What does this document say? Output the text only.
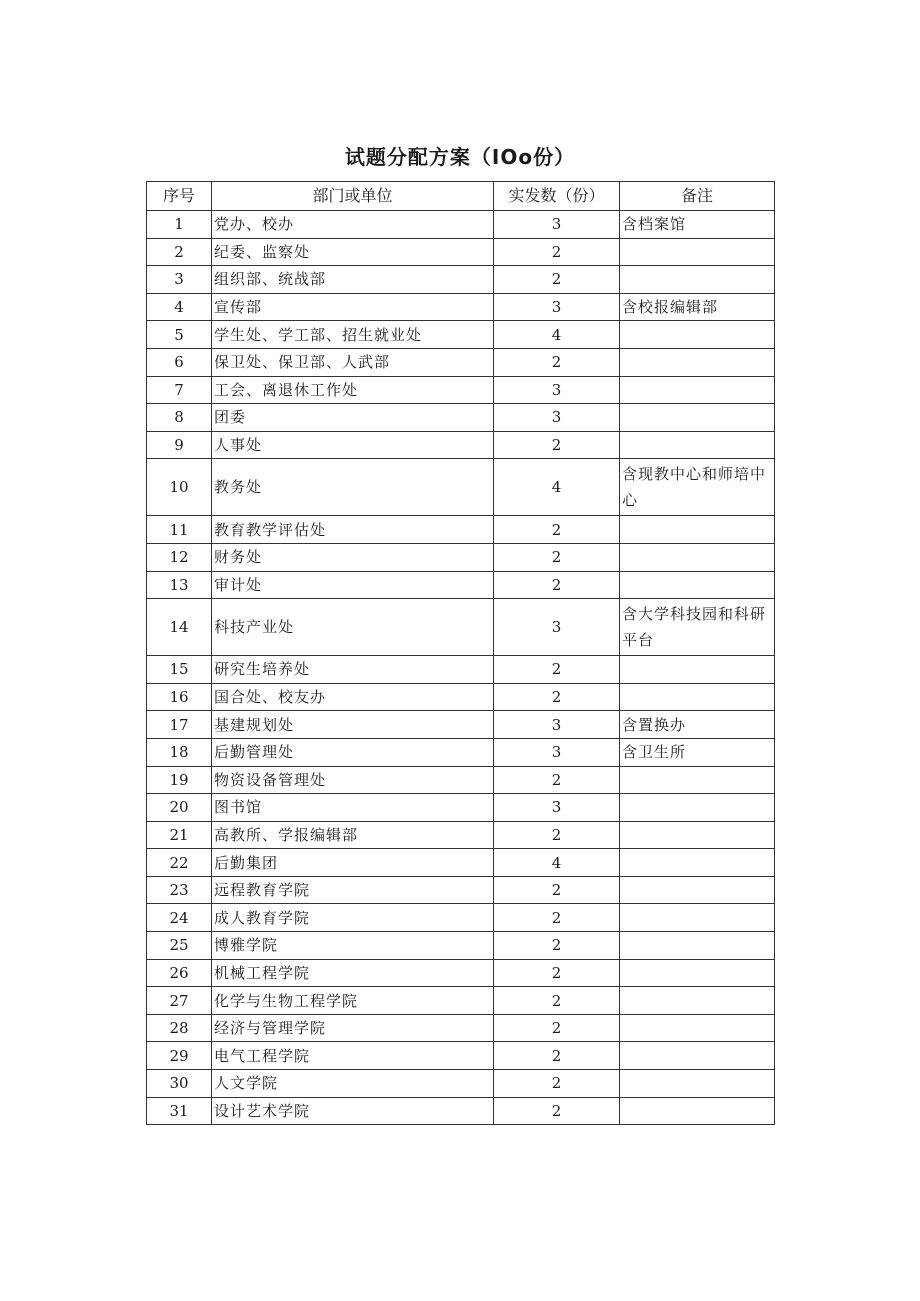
试题分配方案（IOo份）
序号	部门或单位	实发数（份）	备注
1	党办、校办	3	含档案馆
2	纪委、监察处	2	
3	组织部、统战部	2	
4	宣传部	3	含校报编辑部
5	学生处、学工部、招生就业处	4	
6	保卫处、保卫部、人武部	2	
7	工会、离退休工作处	3	
8	团委	3	
9	人事处	2	
10	教务处	4	含现教中心和师培中心
11	教育教学评估处	2	
12	财务处	2	
13	审计处	2	
14	科技产业处	3	含大学科技园和科研平台
15	研究生培养处	2	
16	国合处、校友办	2	
17	基建规划处	3	含置换办
18	后勤管理处	3	含卫生所
19	物资设备管理处	2	
20	图书馆	3	
21	高教所、学报编辑部	2	
22	后勤集团	4	
23	远程教育学院	2	
24	成人教育学院	2	
25	博雅学院	2	
26	机械工程学院	2	
27	化学与生物工程学院	2	
28	经济与管理学院	2	
29	电气工程学院	2	
30	人文学院	2	
31	设计艺术学院	2	
